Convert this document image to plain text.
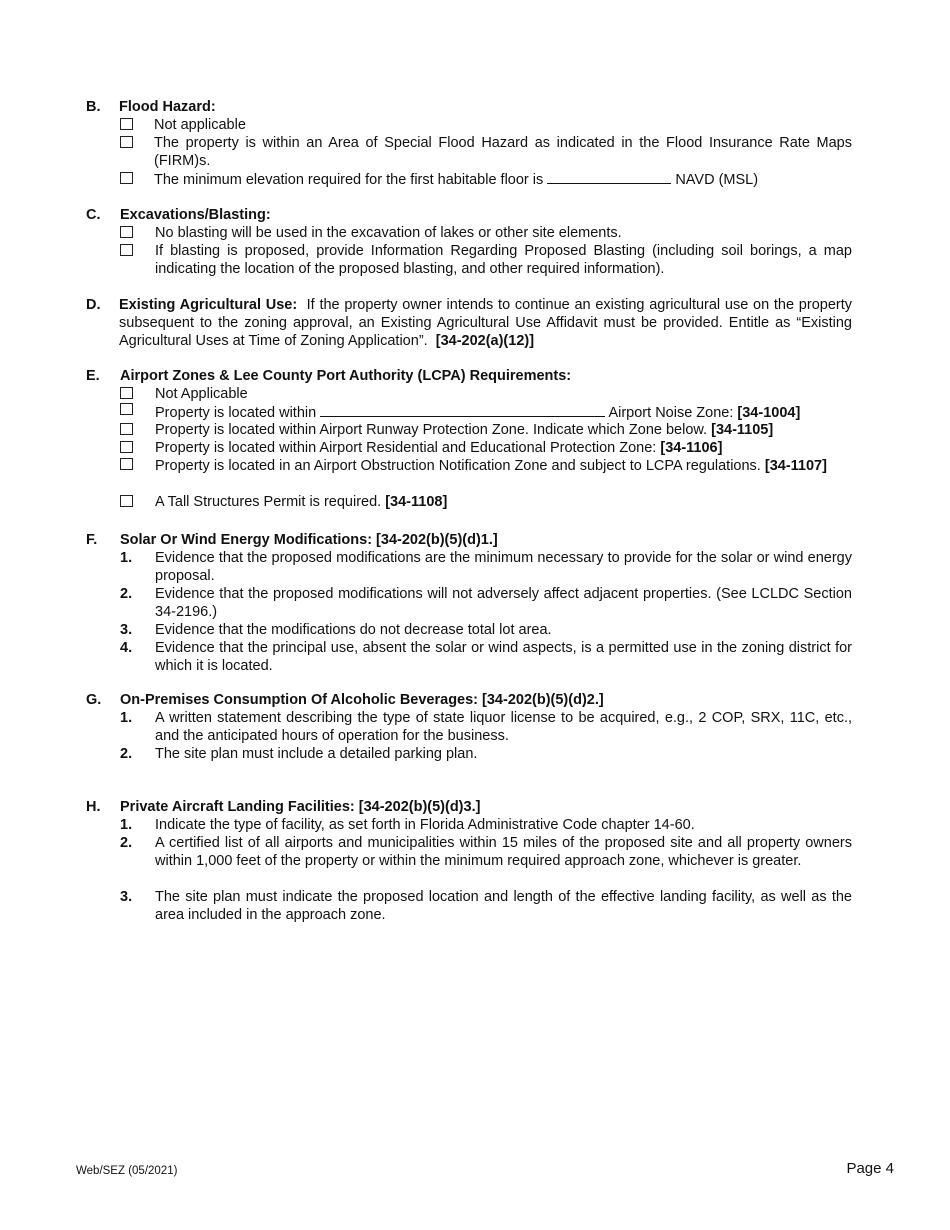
B. Flood Hazard:
Not applicable
The property is within an Area of Special Flood Hazard as indicated in the Flood Insurance Rate Maps (FIRM)s.
The minimum elevation required for the first habitable floor is	NAVD (MSL)
C. Excavations/Blasting:
No blasting will be used in the excavation of lakes or other site elements.
If blasting is proposed, provide Information Regarding Proposed Blasting (including soil borings, a map indicating the location of the proposed blasting, and other required information).
D. Existing Agricultural Use: If the property owner intends to continue an existing agricultural use on the property subsequent to the zoning approval, an Existing Agricultural Use Affidavit must be provided. Entitle as “Existing Agricultural Uses at Time of Zoning Application”. [34-202(a)(12)]
E. Airport Zones & Lee County Port Authority (LCPA) Requirements:
Not Applicable
Property is located within	Airport Noise Zone: [34-1004]
Property is located within Airport Runway Protection Zone. Indicate which Zone below. [34-1105]
Property is located within Airport Residential and Educational Protection Zone: [34-1106]
Property is located in an Airport Obstruction Notification Zone and subject to LCPA regulations. [34-1107]
A Tall Structures Permit is required. [34-1108]
F. Solar Or Wind Energy Modifications: [34-202(b)(5)(d)1.]
1. Evidence that the proposed modifications are the minimum necessary to provide for the solar or wind energy proposal.
2. Evidence that the proposed modifications will not adversely affect adjacent properties. (See LCLDC Section 34-2196.)
3. Evidence that the modifications do not decrease total lot area.
4. Evidence that the principal use, absent the solar or wind aspects, is a permitted use in the zoning district for which it is located.
G. On-Premises Consumption Of Alcoholic Beverages: [34-202(b)(5)(d)2.]
1. A written statement describing the type of state liquor license to be acquired, e.g., 2 COP, SRX, 11C, etc., and the anticipated hours of operation for the business.
2. The site plan must include a detailed parking plan.
H. Private Aircraft Landing Facilities: [34-202(b)(5)(d)3.]
1. Indicate the type of facility, as set forth in Florida Administrative Code chapter 14-60.
2. A certified list of all airports and municipalities within 15 miles of the proposed site and all property owners within 1,000 feet of the property or within the minimum required approach zone, whichever is greater.
3. The site plan must indicate the proposed location and length of the effective landing facility, as well as the area included in the approach zone.
Web/SEZ (05/2021)	Page 4
